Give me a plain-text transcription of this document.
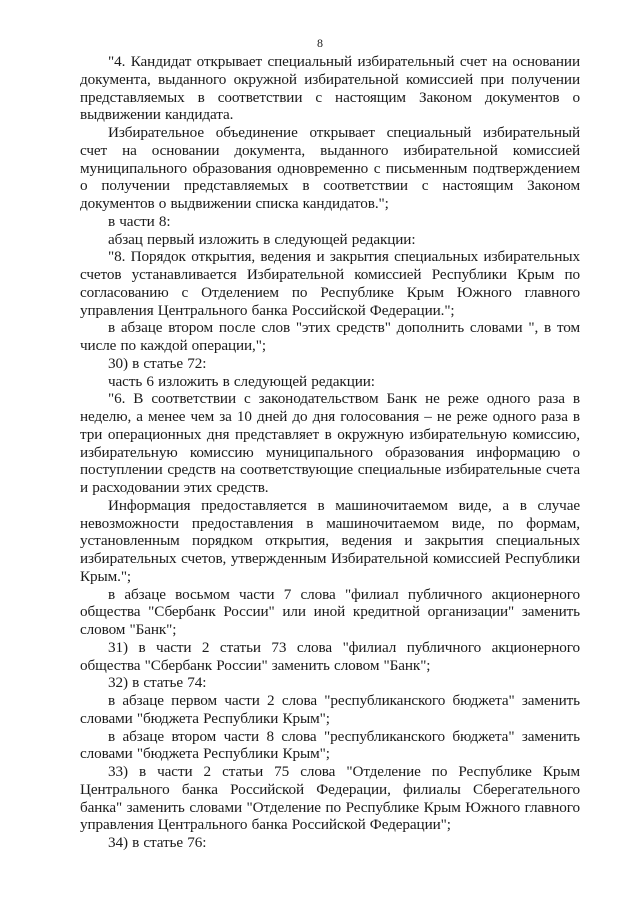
8

"4. Кандидат открывает специальный избирательный счет на основании документа, выданного окружной избирательной комиссией при получении представляемых в соответствии с настоящим Законом документов о выдвижении кандидата.

Избирательное объединение открывает специальный избирательный счет на основании документа, выданного избирательной комиссией муниципального образования одновременно с письменным подтверждением о получении представляемых в соответствии с настоящим Законом документов о выдвижении списка кандидатов.";

в части 8:

абзац первый изложить в следующей редакции:

"8. Порядок открытия, ведения и закрытия специальных избирательных счетов устанавливается Избирательной комиссией Республики Крым по согласованию с Отделением по Республике Крым Южного главного управления Центрального банка Российской Федерации.";

в абзаце втором после слов "этих средств" дополнить словами ", в том числе по каждой операции,";

30) в статье 72:

часть 6 изложить в следующей редакции:

"6. В соответствии с законодательством Банк не реже одного раза в неделю, а менее чем за 10 дней до дня голосования – не реже одного раза в три операционных дня представляет в окружную избирательную комиссию, избирательную комиссию муниципального образования информацию о поступлении средств на соответствующие специальные избирательные счета и расходовании этих средств.

Информация предоставляется в машиночитаемом виде, а в случае невозможности предоставления в машиночитаемом виде, по формам, установленным порядком открытия, ведения и закрытия специальных избирательных счетов, утвержденным Избирательной комиссией Республики Крым.";

в абзаце восьмом части 7 слова "филиал публичного акционерного общества "Сбербанк России" или иной кредитной организации" заменить словом "Банк";

31) в части 2 статьи 73 слова "филиал публичного акционерного общества "Сбербанк России" заменить словом "Банк";

32) в статье 74:

в абзаце первом части 2 слова "республиканского бюджета" заменить словами "бюджета Республики Крым";

в абзаце втором части 8 слова "республиканского бюджета" заменить словами "бюджета Республики Крым";

33) в части 2 статьи 75 слова "Отделение по Республике Крым Центрального банка Российской Федерации, филиалы Сберегательного банка" заменить словами "Отделение по Республике Крым Южного главного управления Центрального банка Российской Федерации";

34) в статье 76:
